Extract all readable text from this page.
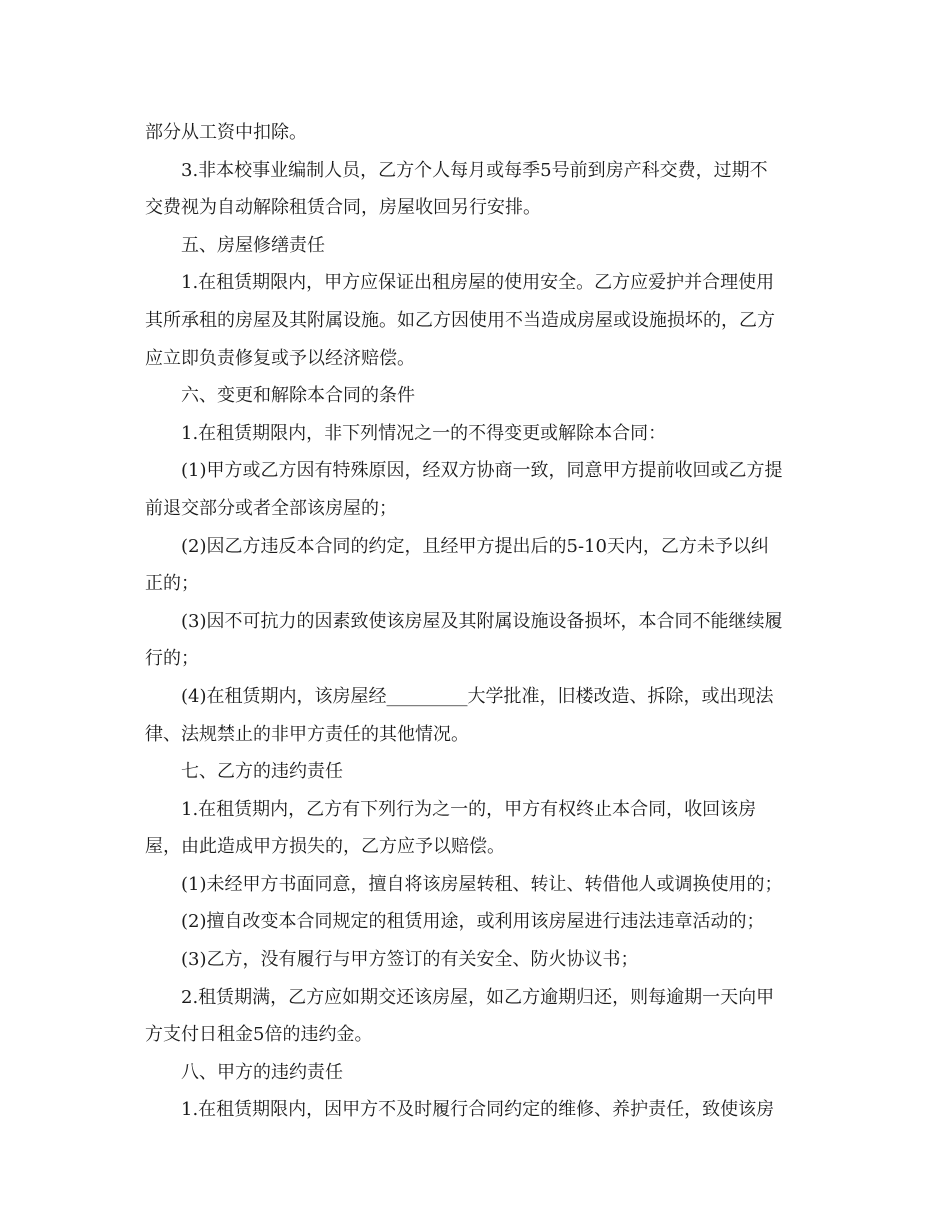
部分从工资中扣除。

3.非本校事业编制人员，乙方个人每月或每季5号前到房产科交费，过期不

交费视为自动解除租赁合同，房屋收回另行安排。

五、房屋修缮责任

1.在租赁期限内，甲方应保证出租房屋的使用安全。乙方应爱护并合理使用

其所承租的房屋及其附属设施。如乙方因使用不当造成房屋或设施损坏的，乙方

应立即负责修复或予以经济赔偿。

六、变更和解除本合同的条件

1.在租赁期限内，非下列情况之一的不得变更或解除本合同：

(1)甲方或乙方因有特殊原因，经双方协商一致，同意甲方提前收回或乙方提

前退交部分或者全部该房屋的；

(2)因乙方违反本合同的约定，且经甲方提出后的5-10天内，乙方未予以纠

正的；

(3)因不可抗力的因素致使该房屋及其附属设施设备损坏，本合同不能继续履

行的；

(4)在租赁期内，该房屋经_________大学批准，旧楼改造、拆除，或出现法

律、法规禁止的非甲方责任的其他情况。

七、乙方的违约责任

1.在租赁期内，乙方有下列行为之一的，甲方有权终止本合同，收回该房

屋，由此造成甲方损失的，乙方应予以赔偿。

(1)未经甲方书面同意，擅自将该房屋转租、转让、转借他人或调换使用的；

(2)擅自改变本合同规定的租赁用途，或利用该房屋进行违法违章活动的；

(3)乙方，没有履行与甲方签订的有关安全、防火协议书；

2.租赁期满，乙方应如期交还该房屋，如乙方逾期归还，则每逾期一天向甲

方支付日租金5倍的违约金。

八、甲方的违约责任

1.在租赁期限内，因甲方不及时履行合同约定的维修、养护责任，致使该房
